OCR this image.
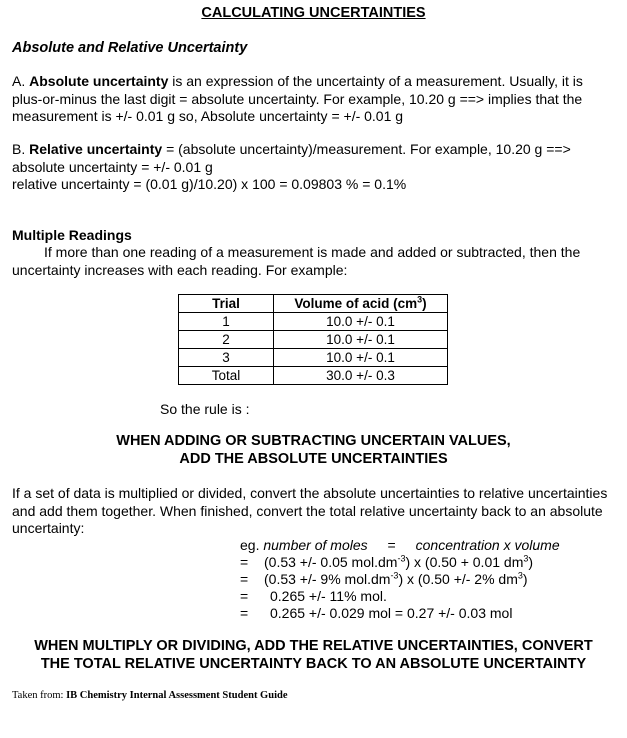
CALCULATING UNCERTAINTIES
Absolute and Relative Uncertainty
A. Absolute uncertainty is an expression of the uncertainty of a measurement. Usually, it is plus-or-minus the last digit = absolute uncertainty. For example, 10.20 g ==> implies that the measurement is +/- 0.01 g so, Absolute uncertainty = +/- 0.01 g
B. Relative uncertainty = (absolute uncertainty)/measurement. For example, 10.20 g ==>
absolute uncertainty = +/- 0.01 g
relative uncertainty = (0.01 g)/10.20) x 100 = 0.09803 % = 0.1%
Multiple Readings
If more than one reading of a measurement is made and added or subtracted, then the uncertainty increases with each reading. For example:
Trial	Volume of acid $(cm^3)$
1	10.0 +/- 0.1
2	10.0 +/- 0.1
3	10.0 +/- 0.1
Total	30.0 +/- 0.3
So the rule is :
WHEN ADDING OR SUBTRACTING UNCERTAIN VALUES, ADD THE ABSOLUTE UNCERTAINTIES
If a set of data is multiplied or divided, convert the absolute uncertainties to relative uncertainties and add them together. When finished, convert the total relative uncertainty back to an absolute uncertainty:
eg. number of moles = concentration x volume
=	(0.53 +/- 0.05 $mol.dm^{-3}$) x (0.50 + 0.01 $dm^3$)
=	(0.53 +/- 9% $mol.dm^{-3}$) x (0.50 +/- 2% $dm^3$)
=	0.265 +/- 11% mol.
=	0.265 +/- 0.029 mol = 0.27 +/- 0.03 mol
WHEN MULTIPLY OR DIVIDING, ADD THE RELATIVE UNCERTAINTIES, CONVERT THE TOTAL RELATIVE UNCERTAINTY BACK TO AN ABSOLUTE UNCERTAINTY
Taken from: IB Chemistry Internal Assessment Student Guide
